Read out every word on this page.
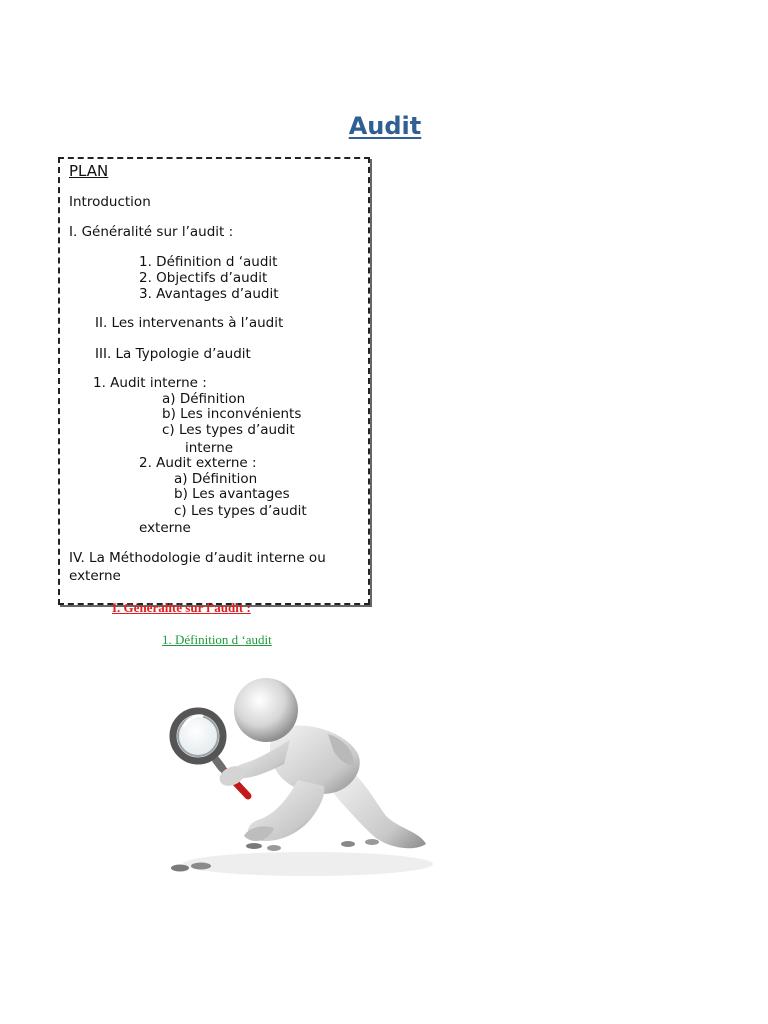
Audit
PLAN
Introduction
I. Généralité sur l’audit :
1. Définition d ‘audit
2. Objectifs d’audit
3. Avantages d’audit
II. Les intervenants à l’audit
III. La Typologie d’audit
1. Audit interne :
a) Définition
b) Les inconvénients
c) Les types d’audit
interne
2. Audit externe :
a) Définition
b) Les avantages
c) Les types d’audit
externe
IV. La Méthodologie d’audit interne ou
externe
I. Généralité sur l’audit :
1. Définition d ‘audit
